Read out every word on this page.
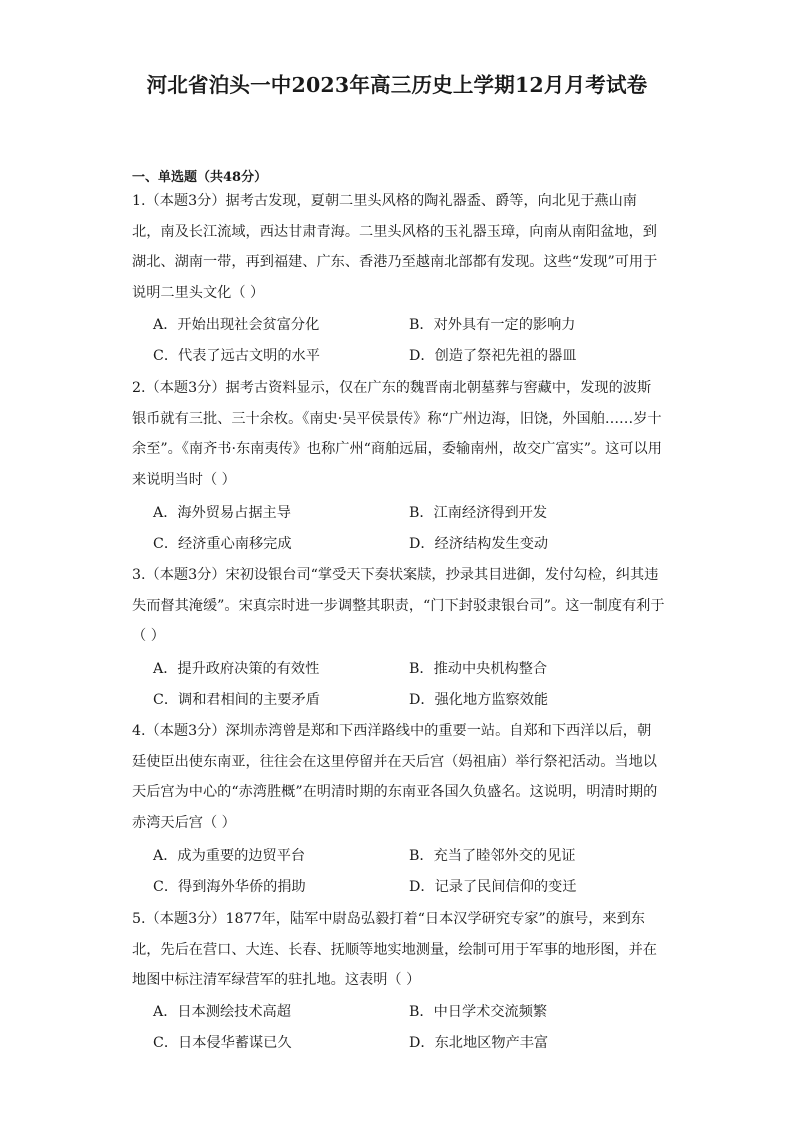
河北省泊头一中2023年高三历史上学期12月月考试卷
一、单选题（共48分）
1.（本题3分）据考古发现，夏朝二里头风格的陶礼器盉、爵等，向北见于燕山南
北，南及长江流域，西达甘肃青海。二里头风格的玉礼器玉璋，向南从南阳盆地，到
湖北、湖南一带，再到福建、广东、香港乃至越南北部都有发现。这些“发现”可用于
说明二里头文化（ ）
A．开始出现社会贫富分化	B．对外具有一定的影响力
C．代表了远古文明的水平	D．创造了祭祀先祖的器皿
2.（本题3分）据考古资料显示，仅在广东的魏晋南北朝墓葬与窖藏中，发现的波斯
银币就有三批、三十余枚。《南史·吴平侯景传》称“广州边海，旧饶，外国舶……岁十
余至”。《南齐书·东南夷传》也称广州“商舶远届，委输南州，故交广富实”。这可以用
来说明当时（ ）
A．海外贸易占据主导	B．江南经济得到开发
C．经济重心南移完成	D．经济结构发生变动
3.（本题3分）宋初设银台司“掌受天下奏状案牍，抄录其目进御，发付勾检，纠其违
失而督其淹缓”。宋真宗时进一步调整其职责，“门下封驳隶银台司”。这一制度有利于
（ ）
A．提升政府决策的有效性	B．推动中央机构整合
C．调和君相间的主要矛盾	D．强化地方监察效能
4.（本题3分）深圳赤湾曾是郑和下西洋路线中的重要一站。自郑和下西洋以后，朝
廷使臣出使东南亚，往往会在这里停留并在天后宫（妈祖庙）举行祭祀活动。当地以
天后宫为中心的“赤湾胜概”在明清时期的东南亚各国久负盛名。这说明，明清时期的
赤湾天后宫（ ）
A．成为重要的边贸平台	B．充当了睦邻外交的见证
C．得到海外华侨的捐助	D．记录了民间信仰的变迁
5.（本题3分）1877年，陆军中尉岛弘毅打着“日本汉学研究专家”的旗号，来到东
北，先后在营口、大连、长春、抚顺等地实地测量，绘制可用于军事的地形图，并在
地图中标注清军绿营军的驻扎地。这表明（ ）
A．日本测绘技术高超	B．中日学术交流频繁
C．日本侵华蓄谋已久	D．东北地区物产丰富
